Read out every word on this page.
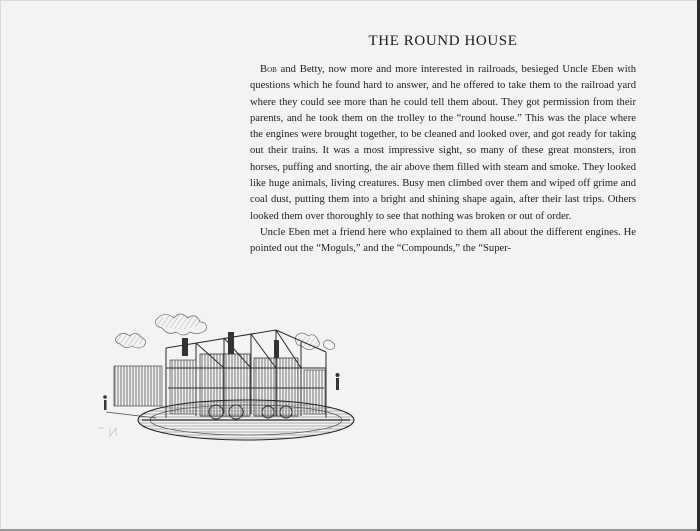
THE ROUND HOUSE

Bob and Betty, now more and more interested in railroads, besieged Uncle Eben with questions which he found hard to answer, and he offered to take them to the railroad yard where they could see more than he could tell them about. They got permission from their parents, and he took them on the trolley to the “round house.” This was the place where the engines were brought together, to be cleaned and looked over, and got ready for taking out their trains. It was a most impressive sight, so many of these great monsters, iron horses, puffing and snorting, the air above them filled with steam and smoke. They looked like huge animals, living creatures. Busy men climbed over them and wiped off grime and coal dust, putting them into a bright and shining shape again, after their last trips. Others looked them over thoroughly to see that nothing was broken or out of order.

Uncle Eben met a friend here who explained to them all about the different engines. He pointed out the “Moguls,” and the “Compounds,” the “Super-
